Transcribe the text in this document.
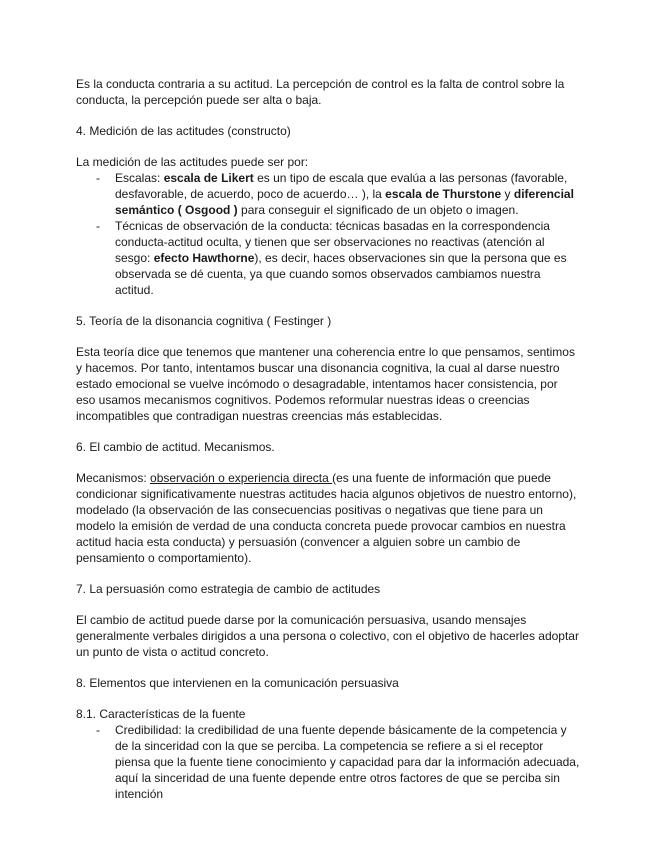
Es la conducta contraria a su actitud. La percepción de control es la falta de control sobre la conducta, la percepción puede ser alta o baja.

4. Medición de las actitudes (constructo)

La medición de las actitudes puede ser por:

- Escalas: escala de Likert es un tipo de escala que evalúa a las personas (favorable, desfavorable, de acuerdo, poco de acuerdo… ), la escala de Thurstone y diferencial semántico ( Osgood ) para conseguir el significado de un objeto o imagen.
- Técnicas de observación de la conducta: técnicas basadas en la correspondencia conducta-actitud oculta, y tienen que ser observaciones no reactivas (atención al sesgo: efecto Hawthorne), es decir, haces observaciones sin que la persona que es observada se dé cuenta, ya que cuando somos observados cambiamos nuestra actitud.

5. Teoría de la disonancia cognitiva ( Festinger )

Esta teoría dice que tenemos que mantener una coherencia entre lo que pensamos, sentimos y hacemos. Por tanto, intentamos buscar una disonancia cognitiva, la cual al darse nuestro estado emocional se vuelve incómodo o desagradable, intentamos hacer consistencia, por eso usamos mecanismos cognitivos. Podemos reformular nuestras ideas o creencias incompatibles que contradigan nuestras creencias más establecidas.

6. El cambio de actitud. Mecanismos.

Mecanismos: observación o experiencia directa (es una fuente de información que puede condicionar significativamente nuestras actitudes hacia algunos objetivos de nuestro entorno), modelado (la observación de las consecuencias positivas o negativas que tiene para un modelo la emisión de verdad de una conducta concreta puede provocar cambios en nuestra actitud hacia esta conducta) y persuasión (convencer a alguien sobre un cambio de pensamiento o comportamiento).

7. La persuasión como estrategia de cambio de actitudes

El cambio de actitud puede darse por la comunicación persuasiva, usando mensajes generalmente verbales dirigidos a una persona o colectivo, con el objetivo de hacerles adoptar un punto de vista o actitud concreto.

8. Elementos que intervienen en la comunicación persuasiva

8.1. Características de la fuente

- Credibilidad: la credibilidad de una fuente depende básicamente de la competencia y de la sinceridad con la que se perciba. La competencia se refiere a si el receptor piensa que la fuente tiene conocimiento y capacidad para dar la información adecuada, aquí la sinceridad de una fuente depende entre otros factores de que se perciba sin intención
